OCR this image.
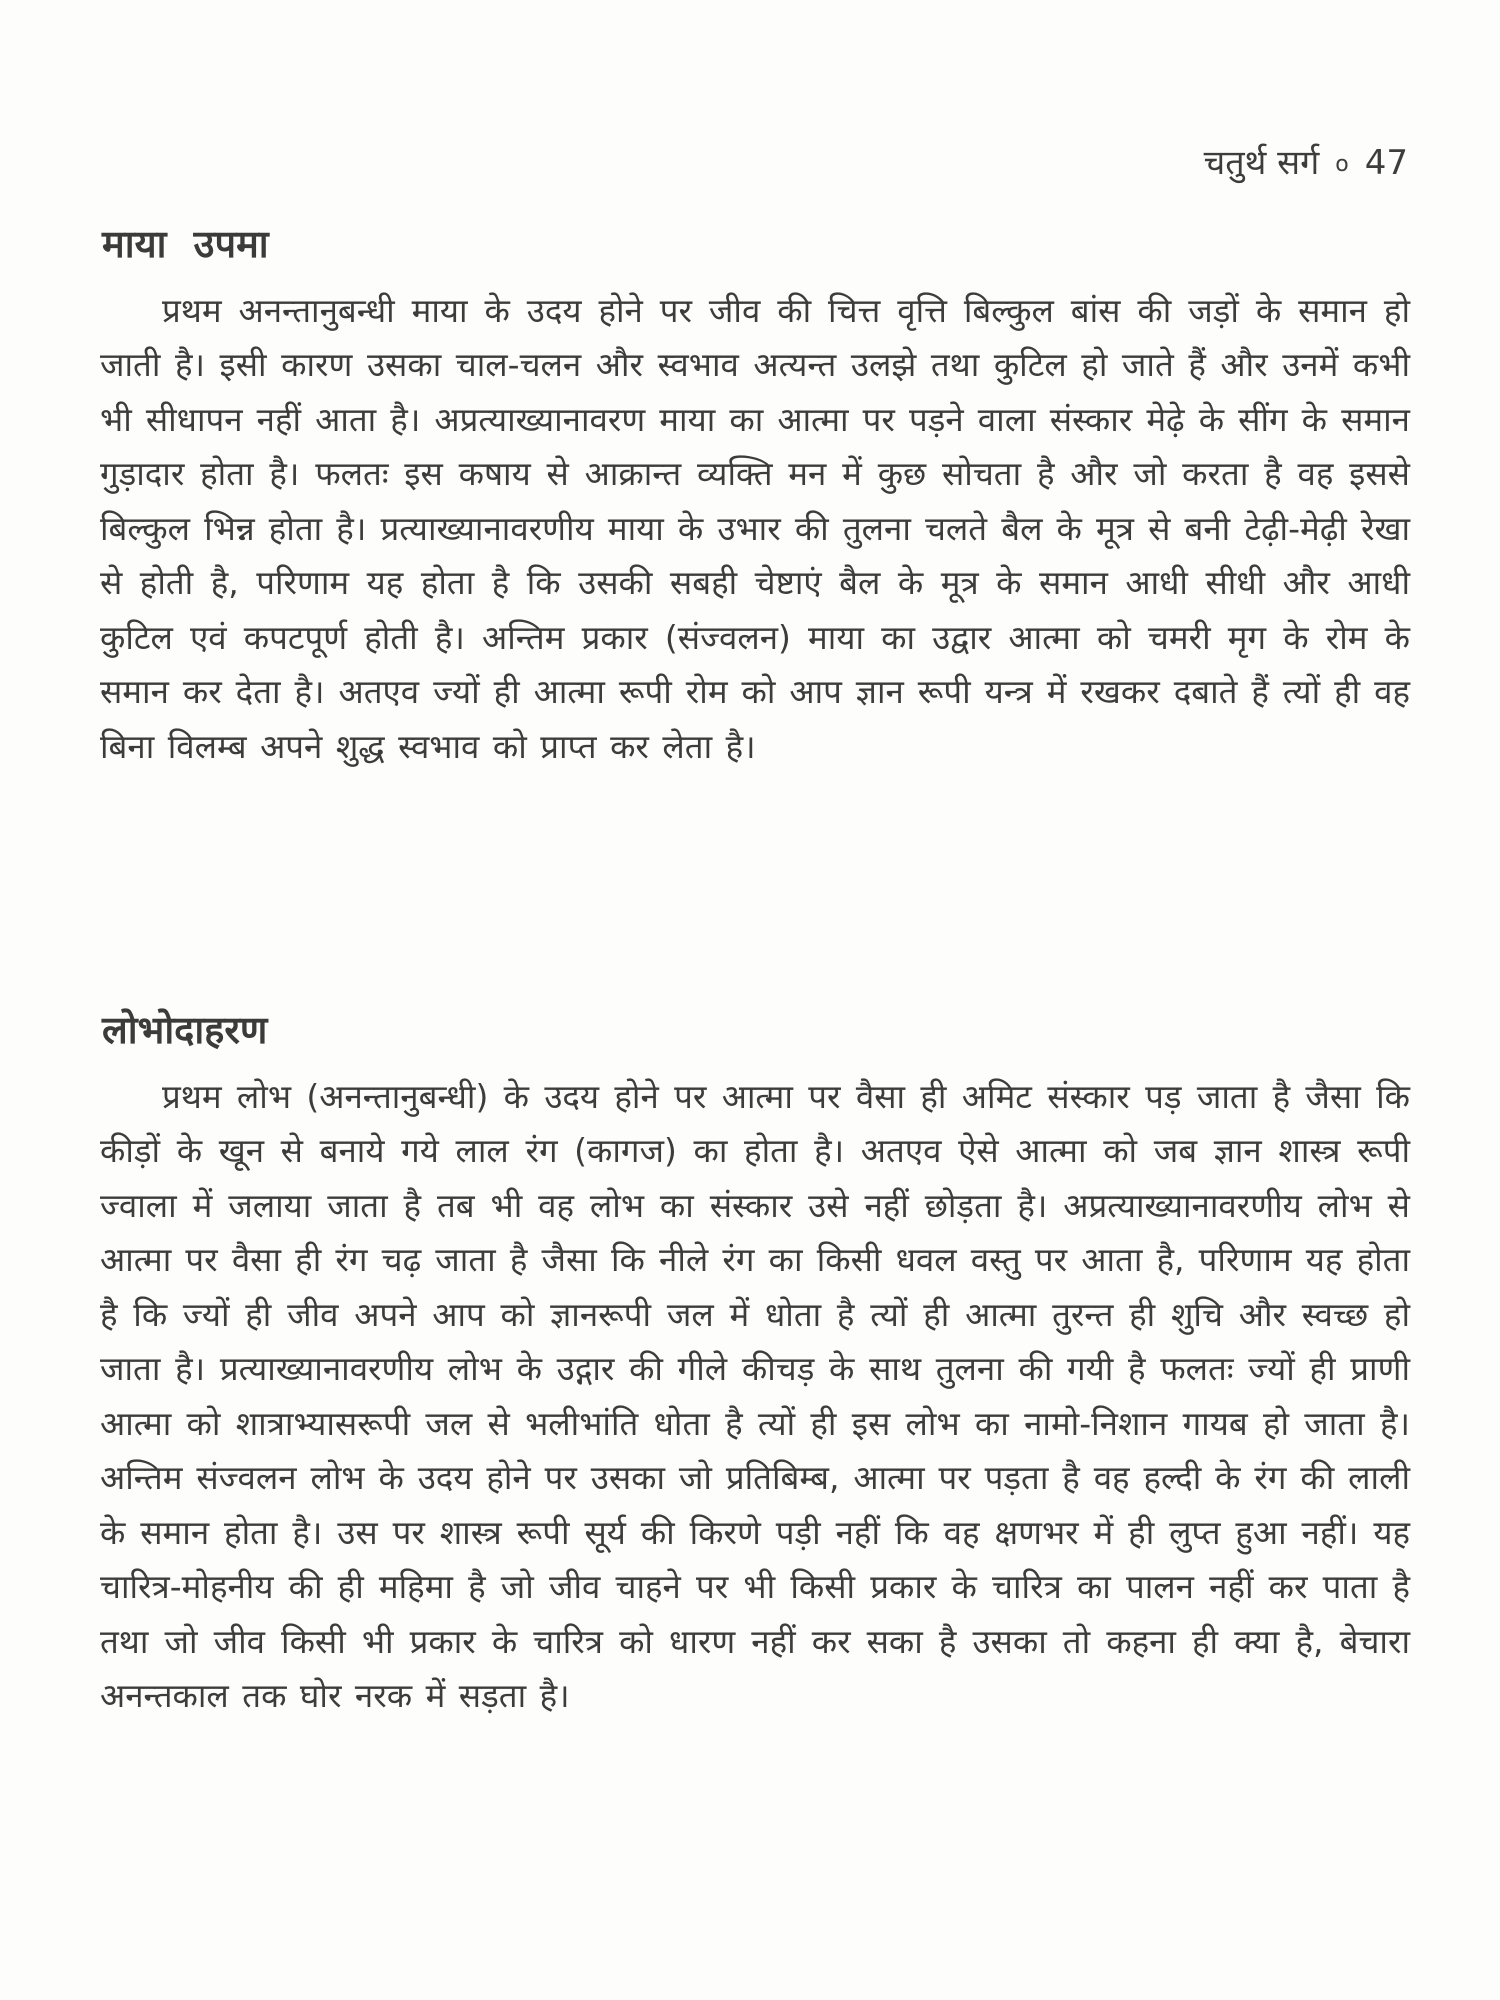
चतुर्थ सर्ग o 47
माया उपमा

प्रथम अनन्तानुबन्धी माया के उदय होने पर जीव की चित्त वृत्ति बिल्कुल बांस की जड़ों के समान हो जाती है। इसी कारण उसका चाल-चलन और स्वभाव अत्यन्त उलझे तथा कुटिल हो जाते हैं और उनमें कभी भी सीधापन नहीं आता है। अप्रत्याख्यानावरण माया का आत्मा पर पड़ने वाला संस्कार मेढ़े के सींग के समान गुड़ादार होता है। फलतः इस कषाय से आक्रान्त व्यक्ति मन में कुछ सोचता है और जो करता है वह इससे बिल्कुल भिन्न होता है। प्रत्याख्यानावरणीय माया के उभार की तुलना चलते बैल के मूत्र से बनी टेढ़ी-मेढ़ी रेखा से होती है, परिणाम यह होता है कि उसकी सबही चेष्टाएं बैल के मूत्र के समान आधी सीधी और आधी कुटिल एवं कपटपूर्ण होती है। अन्तिम प्रकार (संज्वलन) माया का उद्वार आत्मा को चमरी मृग के रोम के समान कर देता है। अतएव ज्यों ही आत्मा रूपी रोम को आप ज्ञान रूपी यन्त्र में रखकर दबाते हैं त्यों ही वह बिना विलम्ब अपने शुद्ध स्वभाव को प्राप्त कर लेता है।

लोभोदाहरण

प्रथम लोभ (अनन्तानुबन्धी) के उदय होने पर आत्मा पर वैसा ही अमिट संस्कार पड़ जाता है जैसा कि कीड़ों के खून से बनाये गये लाल रंग (कागज) का होता है। अतएव ऐसे आत्मा को जब ज्ञान शास्त्र रूपी ज्वाला में जलाया जाता है तब भी वह लोभ का संस्कार उसे नहीं छोड़ता है। अप्रत्याख्यानावरणीय लोभ से आत्मा पर वैसा ही रंग चढ़ जाता है जैसा कि नीले रंग का किसी धवल वस्तु पर आता है, परिणाम यह होता है कि ज्यों ही जीव अपने आप को ज्ञानरूपी जल में धोता है त्यों ही आत्मा तुरन्त ही शुचि और स्वच्छ हो जाता है। प्रत्याख्यानावरणीय लोभ के उद्गार की गीले कीचड़ के साथ तुलना की गयी है फलतः ज्यों ही प्राणी आत्मा को शात्राभ्यासरूपी जल से भलीभांति धोता है त्यों ही इस लोभ का नामो-निशान गायब हो जाता है। अन्तिम संज्वलन लोभ के उदय होने पर उसका जो प्रतिबिम्ब, आत्मा पर पड़ता है वह हल्दी के रंग की लाली के समान होता है। उस पर शास्त्र रूपी सूर्य की किरणे पड़ी नहीं कि वह क्षणभर में ही लुप्त हुआ नहीं। यह चारित्र-मोहनीय की ही महिमा है जो जीव चाहने पर भी किसी प्रकार के चारित्र का पालन नहीं कर पाता है तथा जो जीव किसी भी प्रकार के चारित्र को धारण नहीं कर सका है उसका तो कहना ही क्या है, बेचारा अनन्तकाल तक घोर नरक में सड़ता है।
